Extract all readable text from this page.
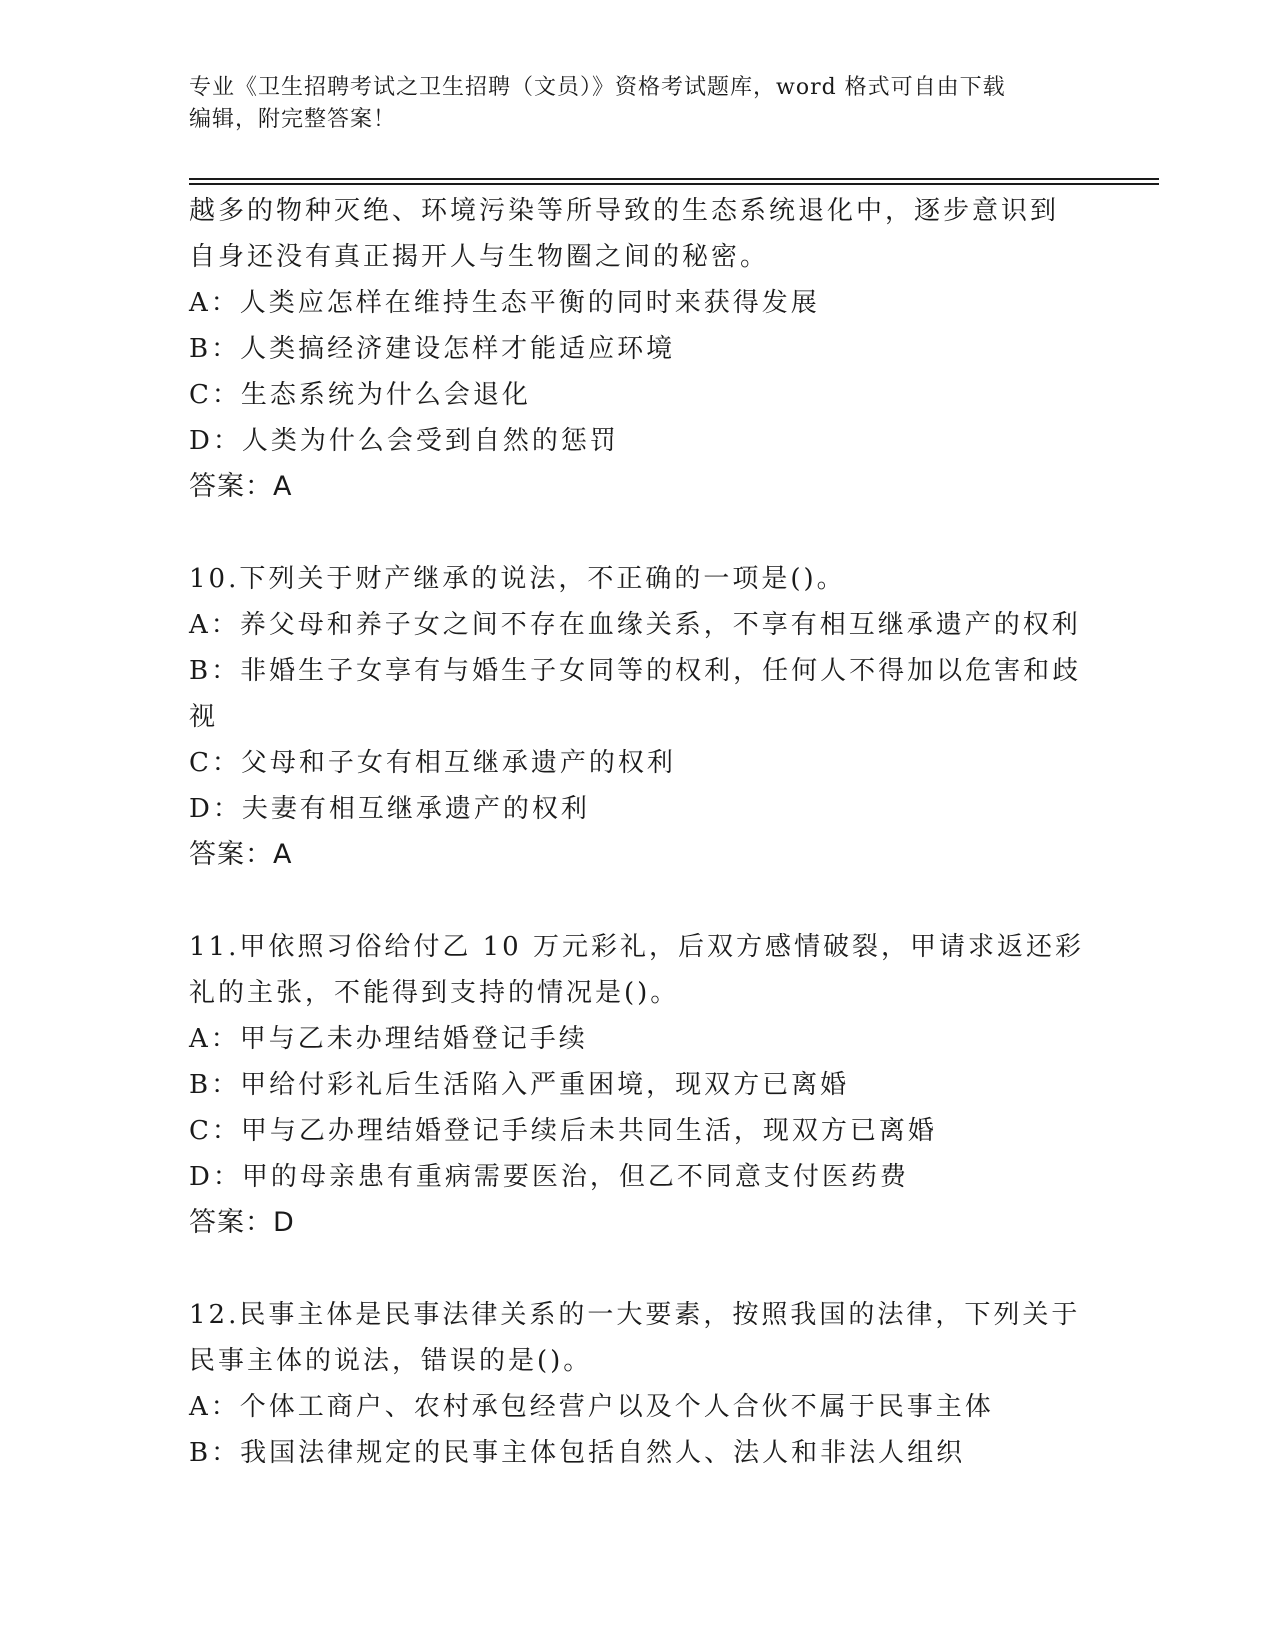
专业《卫生招聘考试之卫生招聘（文员）》资格考试题库，word 格式可自由下载
编辑，附完整答案！
越多的物种灭绝、环境污染等所导致的生态系统退化中，逐步意识到
自身还没有真正揭开人与生物圈之间的秘密。
A：人类应怎样在维持生态平衡的同时来获得发展
B：人类搞经济建设怎样才能适应环境
C：生态系统为什么会退化
D：人类为什么会受到自然的惩罚
答案：A
10.下列关于财产继承的说法，不正确的一项是()。
A：养父母和养子女之间不存在血缘关系，不享有相互继承遗产的权利
B：非婚生子女享有与婚生子女同等的权利，任何人不得加以危害和歧
视
C：父母和子女有相互继承遗产的权利
D：夫妻有相互继承遗产的权利
答案：A
11.甲依照习俗给付乙 10 万元彩礼，后双方感情破裂，甲请求返还彩
礼的主张，不能得到支持的情况是()。
A：甲与乙未办理结婚登记手续
B：甲给付彩礼后生活陷入严重困境，现双方已离婚
C：甲与乙办理结婚登记手续后未共同生活，现双方已离婚
D：甲的母亲患有重病需要医治，但乙不同意支付医药费
答案：D
12.民事主体是民事法律关系的一大要素，按照我国的法律，下列关于
民事主体的说法，错误的是()。
A：个体工商户、农村承包经营户以及个人合伙不属于民事主体
B：我国法律规定的民事主体包括自然人、法人和非法人组织
